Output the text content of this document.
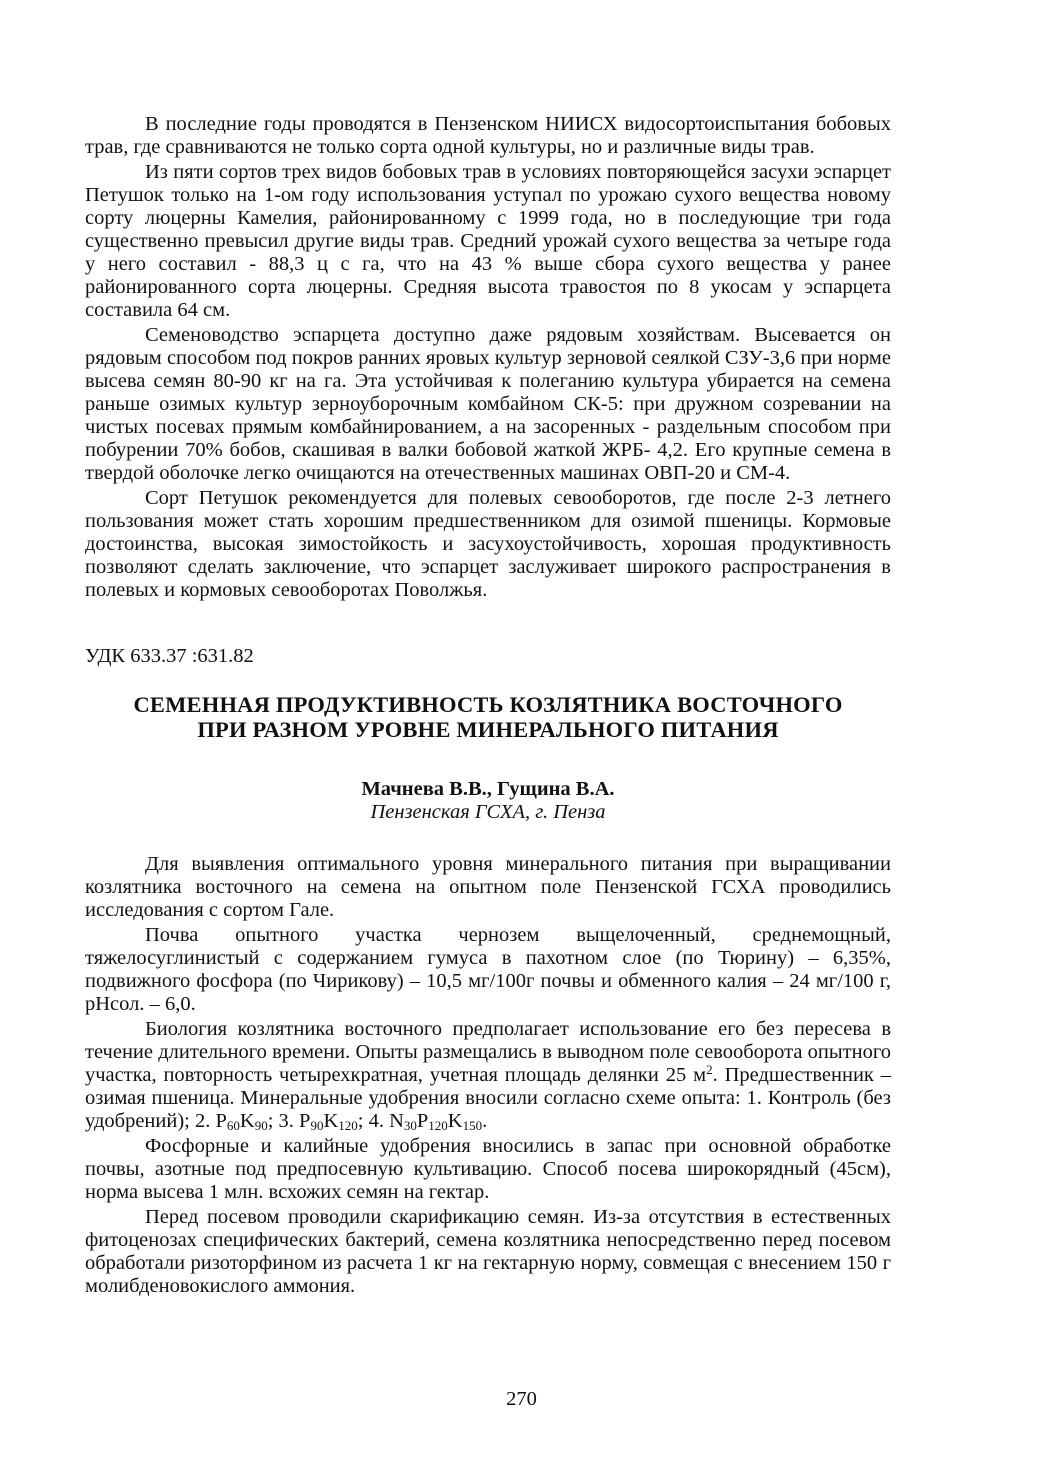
В последние годы проводятся в Пензенском НИИСХ видосортоиспытания бобовых трав, где сравниваются не только сорта одной культуры, но и различные виды трав.

Из пяти сортов трех видов бобовых трав в условиях повторяющейся засухи эспарцет Петушок только на 1-ом году использования уступал по урожаю сухого вещества новому сорту люцерны Камелия, районированному с 1999 года, но в последующие три года существенно превысил другие виды трав. Средний урожай сухого вещества за четыре года у него составил - 88,3 ц с га, что на 43 % выше сбора сухого вещества у ранее районированного сорта люцерны. Средняя высота травостоя по 8 укосам у эспарцета составила 64 см.

Семеноводство эспарцета доступно даже рядовым хозяйствам. Высевается он рядовым способом под покров ранних яровых культур зерновой сеялкой СЗУ-3,6 при норме высева семян 80-90 кг на га. Эта устойчивая к полеганию культура убирается на семена раньше озимых культур зерноуборочным комбайном СК-5: при дружном созревании на чистых посевах прямым комбайнированием, а на засоренных - раздельным способом при побурении 70% бобов, скашивая в валки бобовой жаткой ЖРБ- 4,2. Его крупные семена в твердой оболочке легко очищаются на отечественных машинах ОВП-20 и СМ-4.

Сорт Петушок рекомендуется для полевых севооборотов, где после 2-3 летнего пользования может стать хорошим предшественником для озимой пшеницы. Кормовые достоинства, высокая зимостойкость и засухоустойчивость, хорошая продуктивность позволяют сделать заключение, что эспарцет заслуживает широкого распространения в полевых и кормовых севооборотах Поволжья.

УДК 633.37 :631.82
СЕМЕННАЯ ПРОДУКТИВНОСТЬ КОЗЛЯТНИКА ВОСТОЧНОГО
ПРИ РАЗНОМ УРОВНЕ МИНЕРАЛЬНОГО ПИТАНИЯ
Мачнева В.В., Гущина В.А.
Пензенская ГСХА, г. Пенза

Для выявления оптимального уровня минерального питания при выращивании козлятника восточного на семена на опытном поле Пензенской ГСХА проводились исследования с сортом Гале.

Почва опытного участка чернозем выщелоченный, среднемощный, тяжелосуглинистый с содержанием гумуса в пахотном слое (по Тюрину) – 6,35%, подвижного фосфора (по Чирикову) – 10,5 мг/100г почвы и обменного калия – 24 мг/100 г, pHсол. – 6,0.

Биология козлятника восточного предполагает использование его без пересева в течение длительного времени. Опыты размещались в выводном поле севооборота опытного участка, повторность четырехкратная, учетная площадь делянки 25 $м^2$. Предшественник – озимая пшеница. Минеральные удобрения вносили согласно схеме опыта: 1. Контроль (без удобрений); 2. $P_{60}K_{90}$; 3. $P_{90}K_{120}$; 4. $N_{30}P_{120}K_{150}$.

Фосфорные и калийные удобрения вносились в запас при основной обработке почвы, азотные под предпосевную культивацию. Способ посева широкорядный (45см), норма высева 1 млн. всхожих семян на гектар.

Перед посевом проводили скарификацию семян. Из-за отсутствия в естественных фитоценозах специфических бактерий, семена козлятника непосредственно перед посевом обработали ризоторфином из расчета 1 кг на гектарную норму, совмещая с внесением 150 г молибденовокислого аммония.

270
